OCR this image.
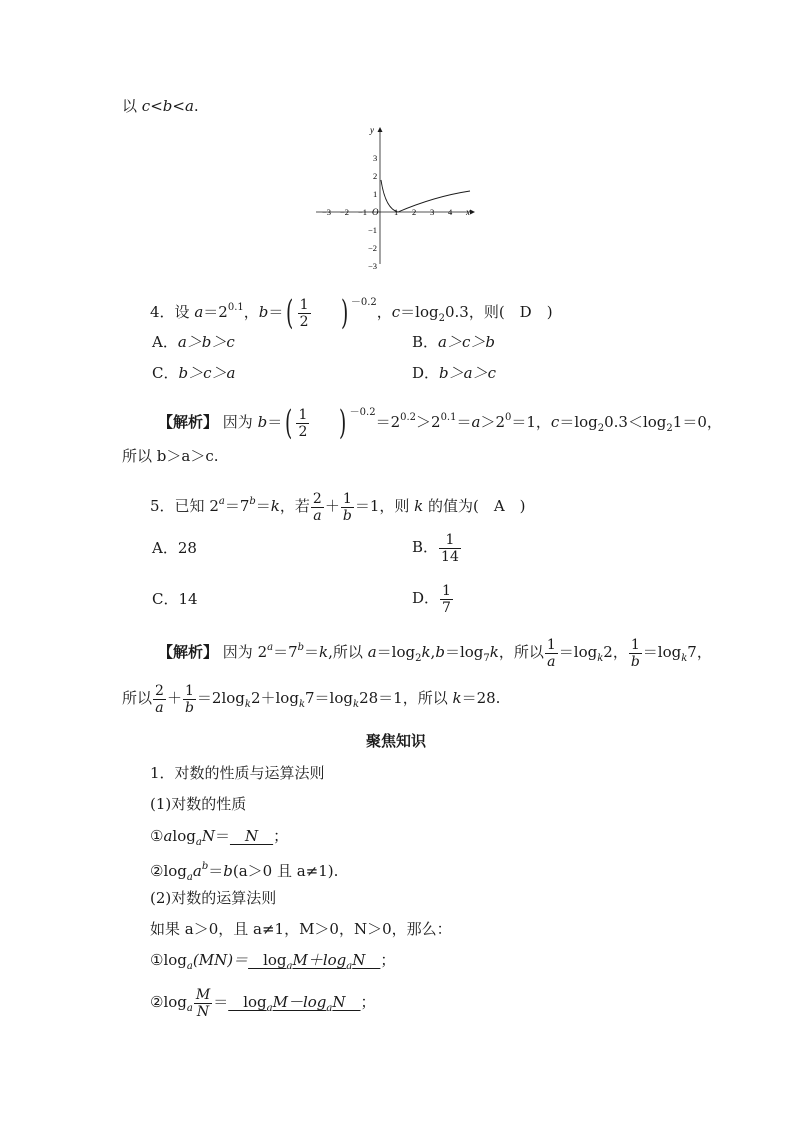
以 c<b<a.
x
y
O
−3 −2 −1	1 2 3 4
3
2
1
−1
−2
−3
4．设 $a=2^{0.1}$，$b=( \frac{1}{2}$ ) $^{-0.2}$，$c=\log_20.3$，则(　D　)
A．a＞b＞c	B．a＞c＞b
C．b＞c＞a	D．b＞a＞c
【解析】 因为 $b=( \frac{1}{2}$ ) $^{-0.2}=2^{0.2}>2^{0.1}=a>2^0=1$，$c=\log_20.3<\log_21=0$，
所以 b＞a＞c.
5．已知 $2^a=7^b=k$，若 $\frac{2}{a} + \frac{1}{b} =1$，则 k 的值为(　A　)
A．28	B． $\frac{1}{14}$
C．14	D． $\frac{1}{7}$
【解析】 因为 $2^a=7^b=k$,所以 $a=\log_2k,b=\log_7k$，所以 $\frac{1}{a} =\log_k2$， $\frac{1}{b} =\log_k7$，
所以 $\frac{2}{a} + \frac{1}{b} =2\log_k2+\log_k7=\log_k28=1$，所以 k＝28.
聚焦知识
1．对数的性质与运算法则
(1)对数的性质
①alog$_a$N＝　N　；
$②\log_aa^b=b(a>0$ 且 a≠1).
(2)对数的运算法则
如果 a＞0，且 a≠1，M＞0，N＞0，那么：
$①\log_a(MN)=$　$\log_aM+\log_aN$　；
$②\log_a \frac{M}{N}$ ＝　$\log_aM-\log_aN$　；
